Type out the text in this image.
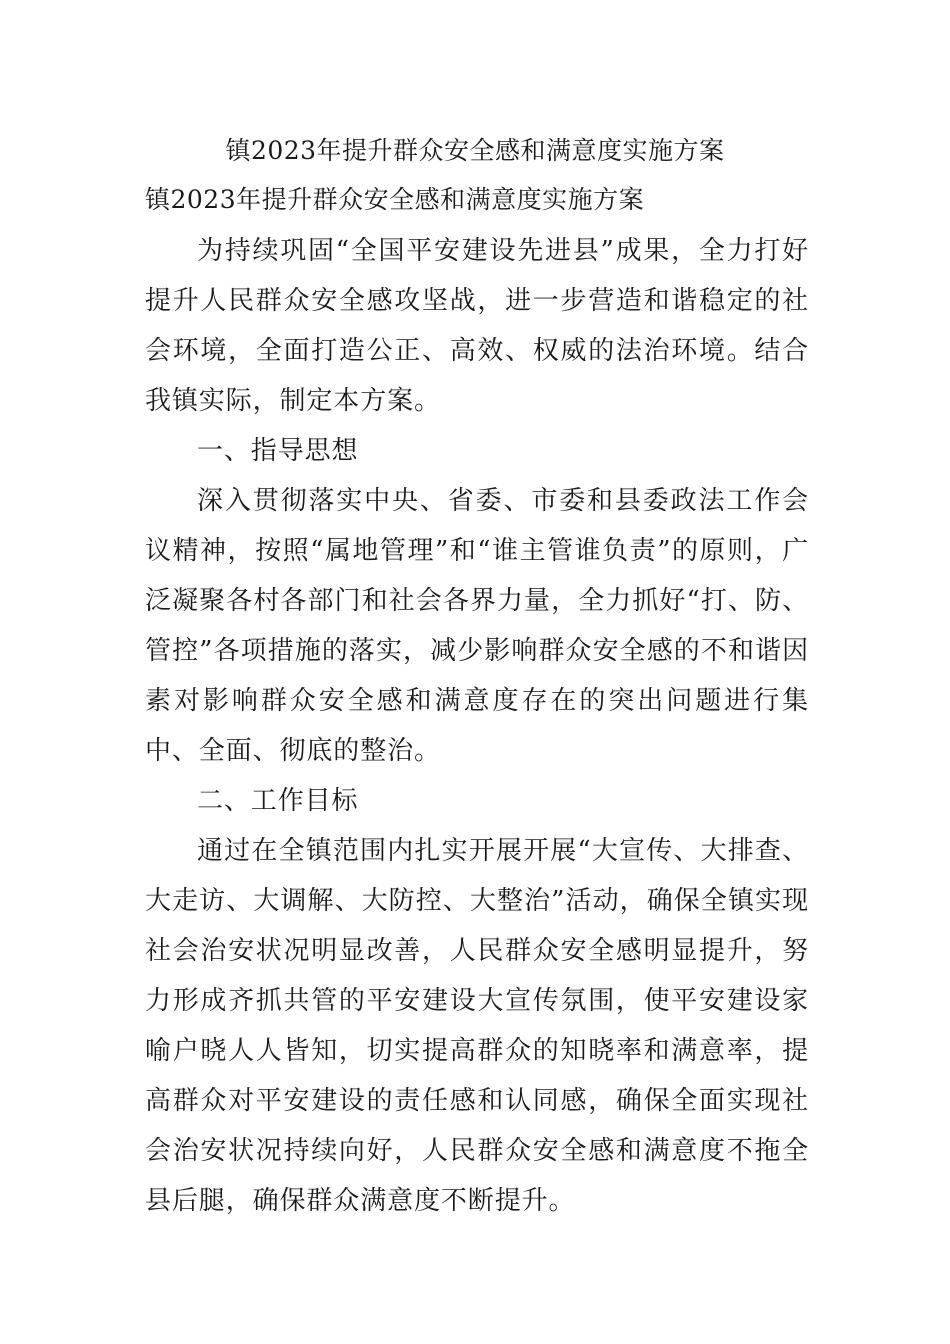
镇2023年提升群众安全感和满意度实施方案
镇2023年提升群众安全感和满意度实施方案

为持续巩固“全国平安建设先进县”成果，全力打好提升人民群众安全感攻坚战，进一步营造和谐稳定的社会环境，全面打造公正、高效、权威的法治环境。结合我镇实际，制定本方案。

一、指导思想

深入贯彻落实中央、省委、市委和县委政法工作会议精神，按照“属地管理”和“谁主管谁负责”的原则，广泛凝聚各村各部门和社会各界力量，全力抓好“打、防、管控”各项措施的落实，减少影响群众安全感的不和谐因素对影响群众安全感和满意度存在的突出问题进行集中、全面、彻底的整治。

二、工作目标

通过在全镇范围内扎实开展开展“大宣传、大排查、大走访、大调解、大防控、大整治”活动，确保全镇实现社会治安状况明显改善，人民群众安全感明显提升，努力形成齐抓共管的平安建设大宣传氛围，使平安建设家喻户晓人人皆知，切实提高群众的知晓率和满意率，提高群众对平安建设的责任感和认同感，确保全面实现社会治安状况持续向好，人民群众安全感和满意度不拖全县后腿，确保群众满意度不断提升。
